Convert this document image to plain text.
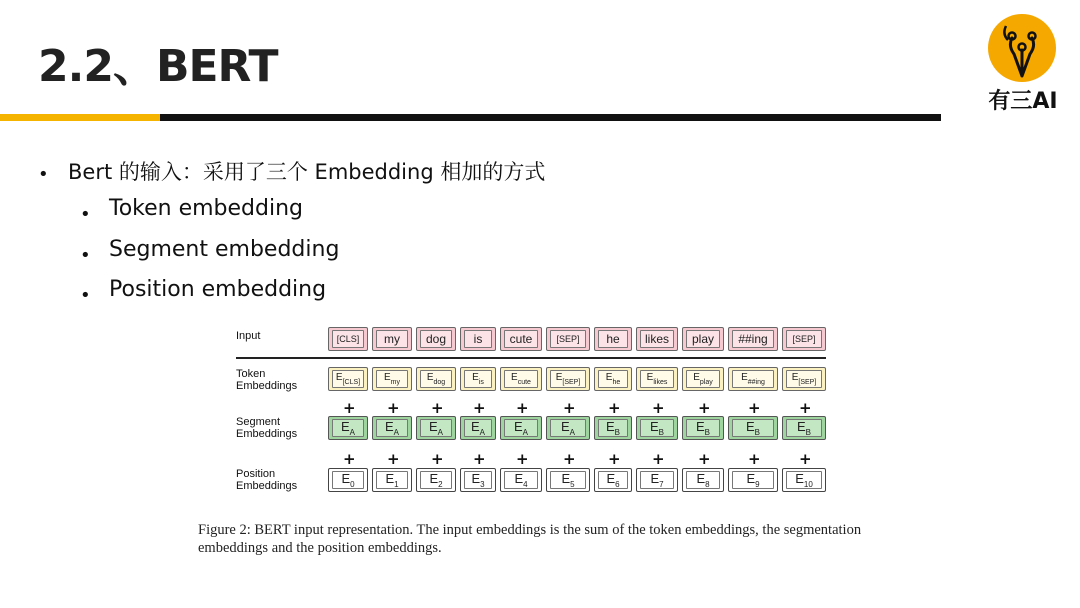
2.2、BERT
有三AI
• Bert 的输入：采用了三个 Embedding 相加的方式
• Token embedding
• Segment embedding
• Position embedding
Input
Token
Embeddings
Segment
Embeddings
Position
Embeddings
[CLS] my dog is cute	[SEP] he likes play ##ing	[SEP]
$E_{[CLS]}$ $E_{my}$	$E_{dog}$	$E_{is}$	$E_{cute}$ $E_{[SEP]}$	$E_{he}$	$E_{likes}$	$E_{play}$	$E_{\#\#ing}$	$E_{[SEP]}$
$E_A$ $E_A$ $E_A$ $E_A$ $E_A$	$E_A$ $E_B$ $E_B$ $E_B$	$E_B$	$E_B$
$E_0$ $E_1$ $E_2$ $E_3$ $E_4$	$E_5$ $E_6$ $E_7$	$E_8$	$E_9$	$E_{10}$
+ + + + + + + + + +	+
+ + + + + + + + + +	+
Figure 2: BERT input representation. The input embeddings is the sum of the token embeddings, the segmentation embeddings and the position embeddings.
